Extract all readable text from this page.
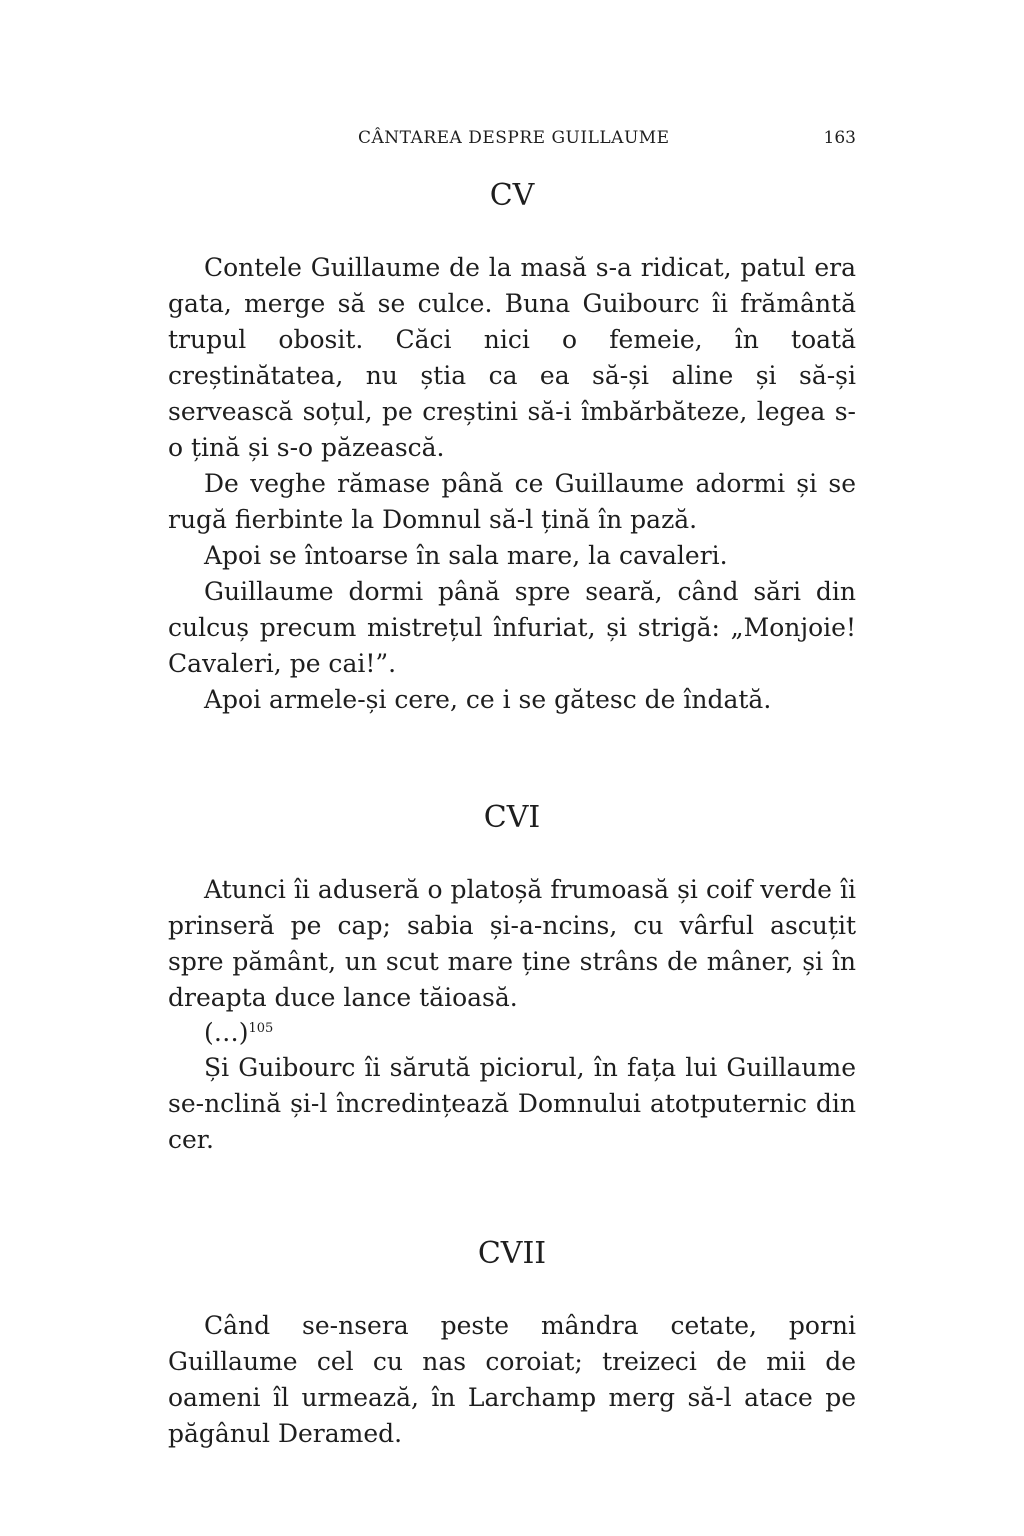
CÂNTAREA DESPRE GUILLAUME	163
CV

Contele Guillaume de la masă s-a ridicat, patul era gata, merge să se culce. Buna Guibourc îi frământă trupul obosit. Căci nici o femeie, în toată creștinătatea, nu știa ca ea să-și aline și să-și servească soțul, pe creștini să-i îmbărbăteze, legea s-o țină și s-o păzească.

De veghe rămase până ce Guillaume adormi și se rugă fierbinte la Domnul să-l țină în pază.

Apoi se întoarse în sala mare, la cavaleri.

Guillaume dormi până spre seară, când sări din culcuș precum mistrețul înfuriat, și strigă: „Monjoie! Cavaleri, pe cai!”.

Apoi armele-și cere, ce i se gătesc de îndată.

CVI

Atunci îi aduseră o platoșă frumoasă și coif verde îi prinseră pe cap; sabia și-a-ncins, cu vârful ascuțit spre pământ, un scut mare ține strâns de mâner, și în dreapta duce lance tăioasă.

(…)$^{105}$

Și Guibourc îi sărută piciorul, în fața lui Guillaume se-nclină și-l încredințează Domnului atotputernic din cer.

CVII

Când se-nsera peste mândra cetate, porni Guillaume cel cu nas coroiat; treizeci de mii de oameni îl urmează, în Larchamp merg să-l atace pe păgânul Deramed.
